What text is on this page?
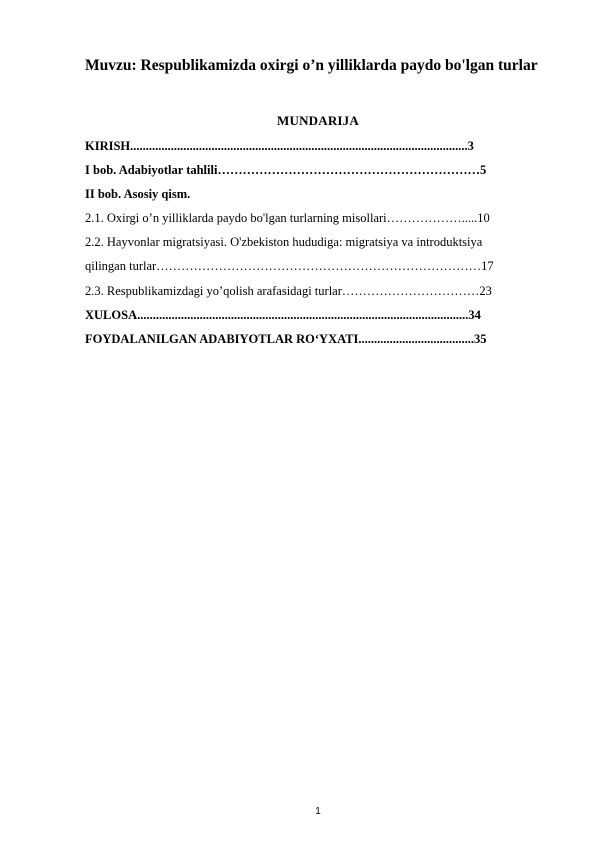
Muvzu: Respublikamizda oxirgi o’n yilliklarda paydo bo'lgan turlar
MUNDARIJA
KIRISH............................................................................................................3
I bob. Adabiyotlar tahlili………………………………………………………5
II bob. Asosiy qism.
2.1. Oxirgi o’n yilliklarda paydo bo'lgan turlarning misollari……………….....10
2.2. Hayvonlar migratsiyasi. O'zbekiston hududiga: migratsiya va introduktsiya
qilingan turlar……………………………………………………………………17
2.3. Respublikamizdagi yo’qolish arafasidagi turlar……………………………23
XULOSA..........................................................................................................34
FOYDALANILGAN ADABIYOTLAR RO‘YXATI.....................................35
1
